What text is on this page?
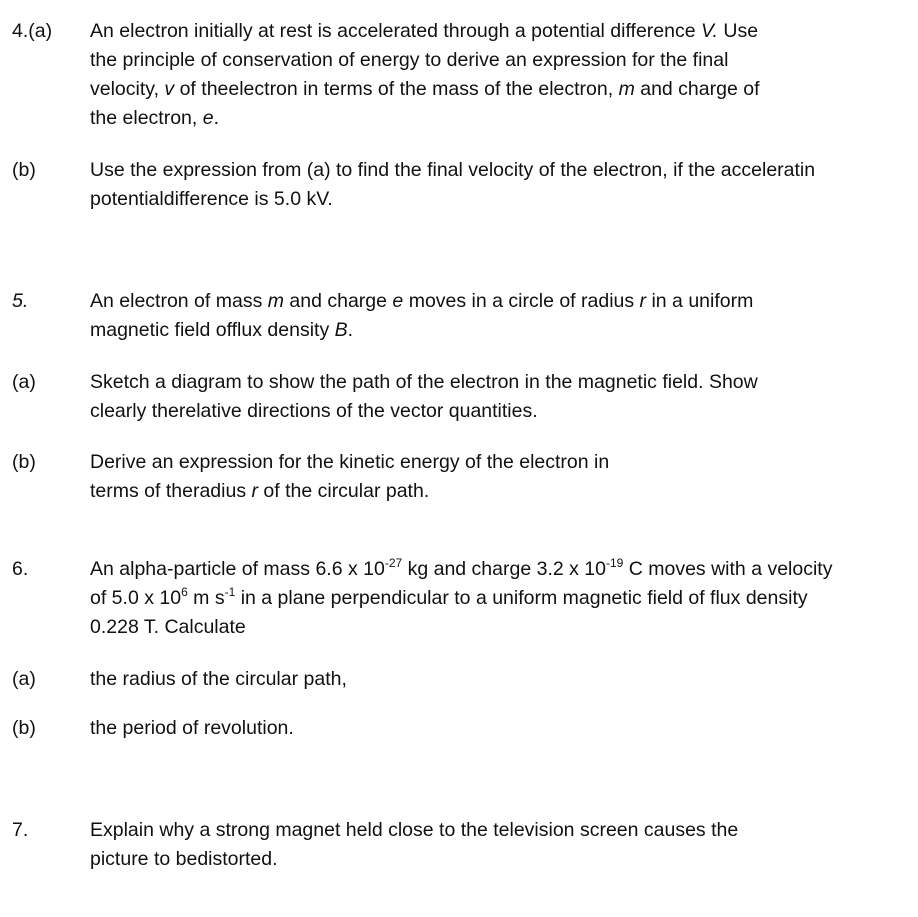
4.(a) An electron initially at rest is accelerated through a potential difference V. Use
the principle of conservation of energy to derive an expression for the final
velocity, v of theelectron in terms of the mass of the electron, m and charge of
the electron, e.
(b)	Use the expression from (a) to find the final velocity of the electron, if the acceleratin
potentialdifference is 5.0 kV.
5.	An electron of mass m and charge e moves in a circle of radius r in a uniform
magnetic field offlux density B.
(a)	Sketch a diagram to show the path of the electron in the magnetic field. Show
clearly therelative directions of the vector quantities.
(b)	Derive an expression for the kinetic energy of the electron in
terms of theradius r of the circular path.
6.	An alpha-particle of mass 6.6 x $10^{-27}$ kg and charge 3.2 x $10^{-19}$ C moves with a velocity
of 5.0 x $10^6$ m $s^{-1}$ in a plane perpendicular to a uniform magnetic field of flux density
0.228 T. Calculate
(a)	the radius of the circular path,
(b)	the period of revolution.
7.	Explain why a strong magnet held close to the television screen causes the
picture to bedistorted.
